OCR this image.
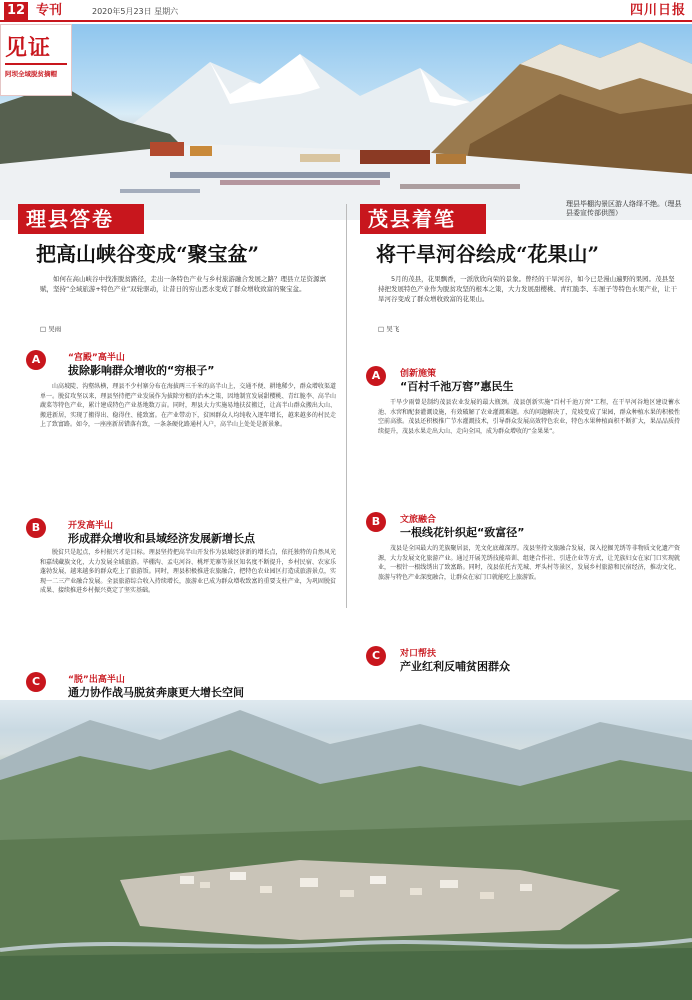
12 专刊	2020年5月23日 星期六	四川日报
见证
阿坝全域脱贫摘帽
理县毕棚沟景区游人络绎不绝。（理县县委宣传部供图）
理县答卷
把高山峡谷变成“聚宝盆”
如何在高山峡谷中找准脱贫路径，走出一条特色产业与乡村旅游融合发展之路？理县立足资源禀赋，坚持“全域旅游+特色产业”双轮驱动，让昔日的穷山恶水变成了群众增收致富的聚宝盆。
□ 吴雨
A	“宫殿”高半山
拔除影响群众增收的“穷根子”
山高坡陡、沟壑纵横，理县不少村寨分布在海拔两三千米的高半山上，交通不便、耕地稀少，群众增收渠道单一。脱贫攻坚以来，理县坚持把产业发展作为拔除穷根的治本之策，因地制宜发展甜樱桃、青红脆李、高半山蔬菜等特色产业，累计建成特色产业基地数万亩。同时，理县大力实施易地扶贫搬迁，让高半山群众搬出大山、搬进新居，实现了搬得出、稳得住、能致富。在产业带动下，贫困群众人均纯收入逐年增长，越来越多的村民走上了致富路。如今，一座座新居错落有致，一条条硬化路通村入户，高半山上处处是新景象。
B	开发高半山
形成群众增收和县域经济发展新增长点
脱贫只是起点，乡村振兴才是目标。理县坚持把高半山开发作为县域经济新的增长点，依托独特的自然风光和嘉绒藏族文化，大力发展全域旅游。毕棚沟、孟屯河谷、桃坪羌寨等景区知名度不断提升，乡村民宿、农家乐蓬勃发展，越来越多的群众吃上了旅游饭。同时，理县积极推进农旅融合，把特色农业园区打造成旅游景点，实现一二三产业融合发展。全县旅游综合收入持续增长，旅游业已成为群众增收致富的重要支柱产业，为巩固脱贫成果、接续推进乡村振兴奠定了坚实基础。
C	“脱”出高半山
通力协作战马脱贫奔康更大增长空间
茂县着笔
将干旱河谷绘成“花果山”
5月的茂县，花果飘香，一派欣欣向荣的景象。曾经的干旱河谷，如今已是漫山遍野的果园。茂县坚持把发展特色产业作为脱贫攻坚的根本之策，大力发展甜樱桃、青红脆李、车厘子等特色水果产业，让干旱河谷变成了群众增收致富的花果山。
□ 吴飞
A	创新施策
“百村千池万窖”惠民生
干旱少雨曾是制约茂县农业发展的最大瓶颈。茂县创新实施“百村千池万窖”工程，在干旱河谷地区建设蓄水池、水窖和配套灌溉设施，有效破解了农业灌溉难题。水的问题解决了，荒坡变成了果园，群众种植水果的积极性空前高涨。茂县还积极推广节水灌溉技术，引导群众发展高效特色农业，特色水果种植面积不断扩大，果品品质持续提升，茂县水果走出大山、走向全国，成为群众增收的“金果果”。
B	文旅融合
一根线花针织起“致富径”
茂县是全国最大的羌族聚居县，羌文化底蕴深厚。茂县坚持文旅融合发展，深入挖掘羌绣等非物质文化遗产资源，大力发展文化旅游产业。通过开展羌绣技能培训、组建合作社、引进企业等方式，让羌族妇女在家门口实现就业，一根针一根线绣出了致富路。同时，茂县依托古羌城、坪头村等景区，发展乡村旅游和民宿经济，推动文化、旅游与特色产业深度融合，让群众在家门口就能吃上旅游饭。
C	对口帮扶
产业红利反哺贫困群众
